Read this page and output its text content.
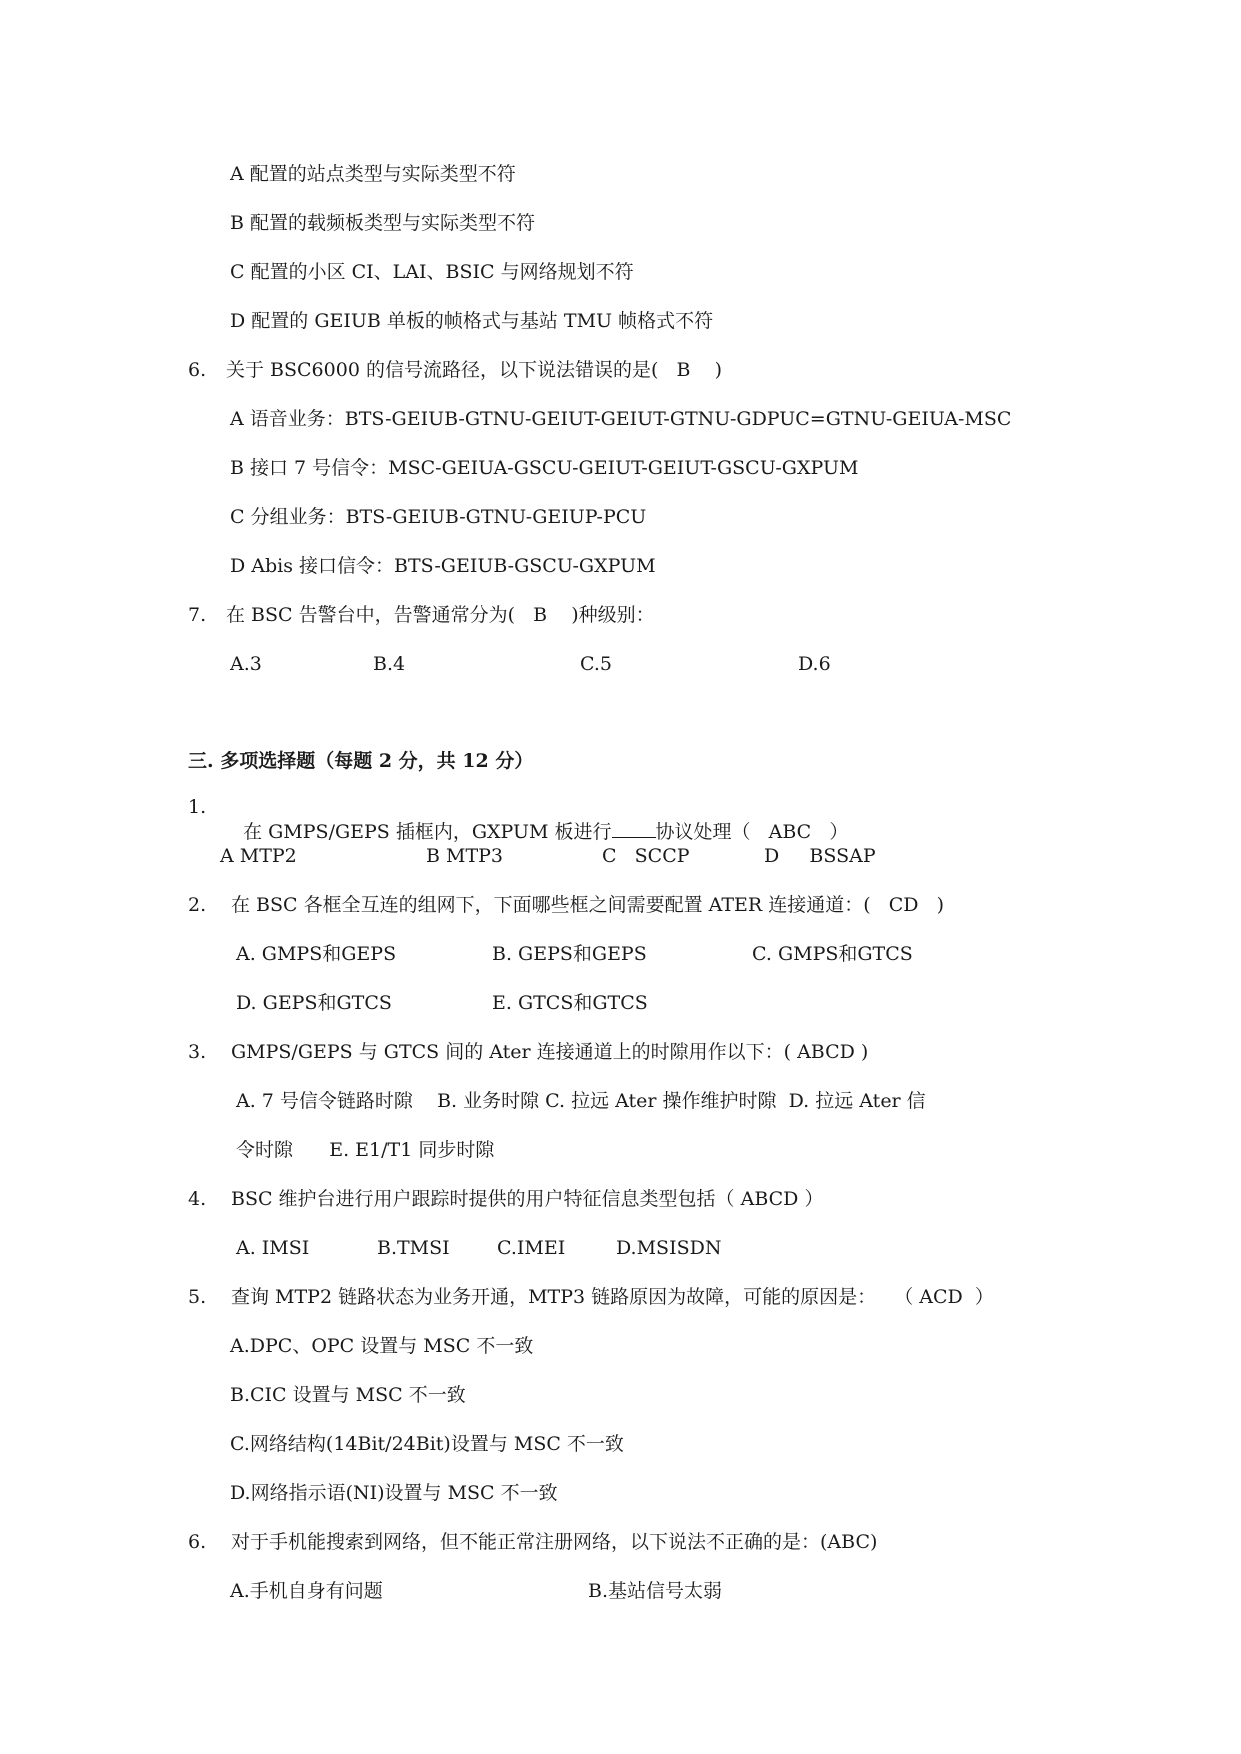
A 配置的站点类型与实际类型不符
B 配置的载频板类型与实际类型不符
C 配置的小区 CI、LAI、BSIC 与网络规划不符
D 配置的 GEIUB 单板的帧格式与基站 TMU 帧格式不符
6. 关于 BSC6000 的信号流路径，以下说法错误的是(   B    )
A 语音业务：BTS-GEIUB-GTNU-GEIUT-GEIUT-GTNU-GDPUC=GTNU-GEIUA-MSC
B 接口 7 号信令：MSC-GEIUA-GSCU-GEIUT-GEIUT-GSCU-GXPUM
C 分组业务：BTS-GEIUB-GTNU-GEIUP-PCU
D Abis 接口信令：BTS-GEIUB-GSCU-GXPUM
7. 在 BSC 告警台中，告警通常分为(   B    )种级别：
A.3	B.4	C.5	D.6
三. 多项选择题（每题 2 分，共 12 分）
1.

在 GMPS/GEPS 插框内，GXPUM 板进行 协议处理（   ABC   ）

A MTP2	B MTP3	C   SCCP	D     BSSAP
2. 在 BSC 各框全互连的组网下，下面哪些框之间需要配置 ATER 连接通道：(   CD   )
A. GMPS和GEPS	B. GEPS和GEPS	C. GMPS和GTCS
D. GEPS和GTCS	E. GTCS和GTCS
3. GMPS/GEPS 与 GTCS 间的 Ater 连接通道上的时隙用作以下：( ABCD )
A. 7 号信令链路时隙    B. 业务时隙 C. 拉远 Ater 操作维护时隙  D. 拉远 Ater 信
令时隙      E. E1/T1 同步时隙
4. BSC 维护台进行用户跟踪时提供的用户特征信息类型包括（ ABCD ）
A. IMSI	B.TMSI C.IMEI	D.MSISDN
5. 查询 MTP2 链路状态为业务开通，MTP3 链路原因为故障，可能的原因是：   （ ACD  ）
A.DPC、OPC 设置与 MSC 不一致
B.CIC 设置与 MSC 不一致
C.网络结构(14Bit/24Bit)设置与 MSC 不一致
D.网络指示语(NI)设置与 MSC 不一致
6. 对于手机能搜索到网络，但不能正常注册网络，以下说法不正确的是：(ABC)
A.手机自身有问题	B.基站信号太弱
